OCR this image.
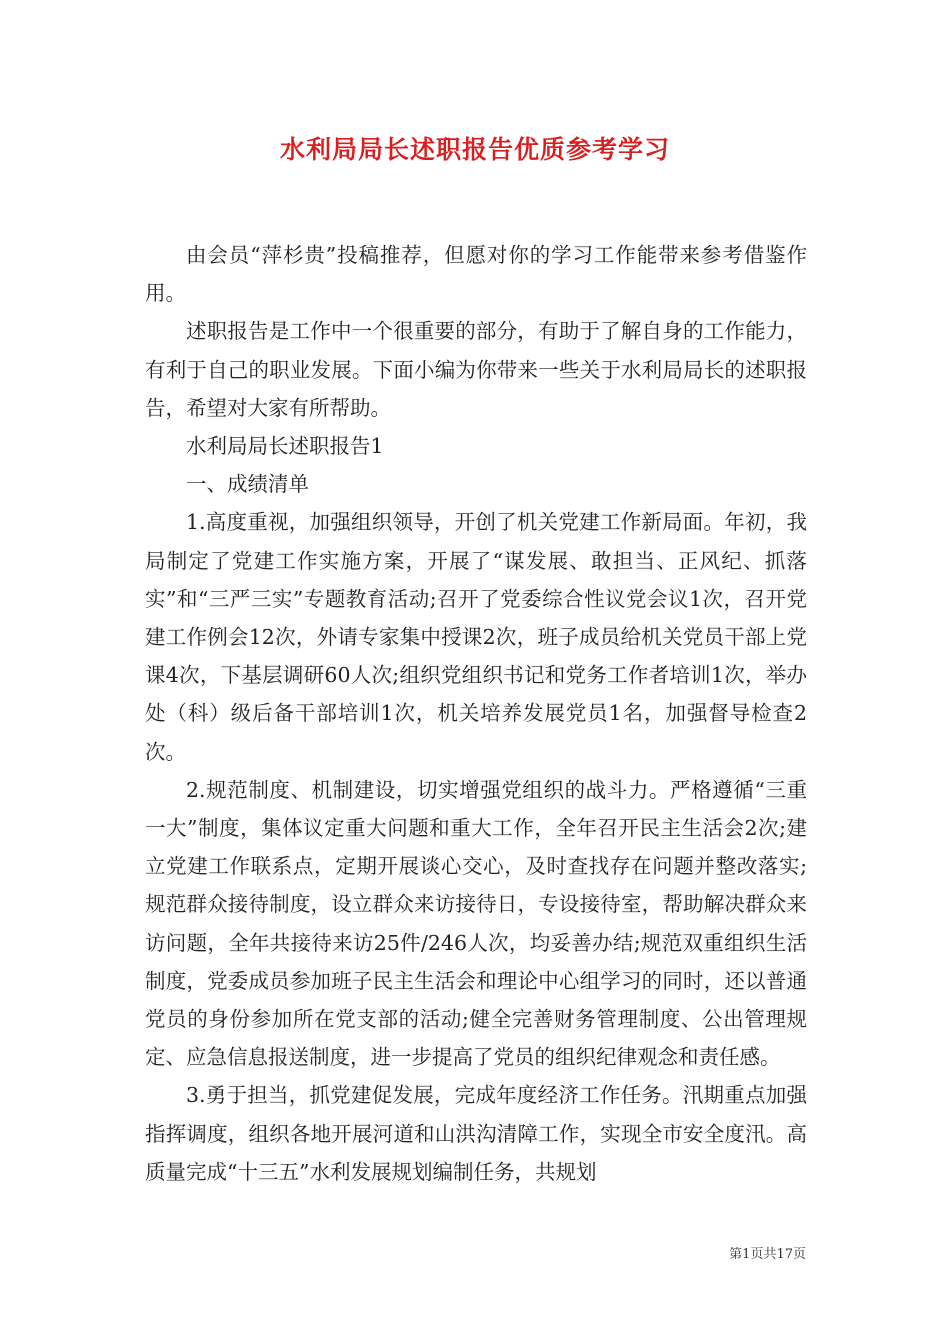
水利局局长述职报告优质参考学习

由会员“萍杉贵”投稿推荐，但愿对你的学习工作能带来参考借鉴作用。

述职报告是工作中一个很重要的部分，有助于了解自身的工作能力，有利于自己的职业发展。下面小编为你带来一些关于水利局局长的述职报告，希望对大家有所帮助。

水利局局长述职报告1

一、成绩清单

1.高度重视，加强组织领导，开创了机关党建工作新局面。年初，我局制定了党建工作实施方案，开展了“谋发展、敢担当、正风纪、抓落实”和“三严三实”专题教育活动;召开了党委综合性议党会议1次，召开党建工作例会12次，外请专家集中授课2次，班子成员给机关党员干部上党课4次，下基层调研60人次;组织党组织书记和党务工作者培训1次，举办处（科）级后备干部培训1次，机关培养发展党员1名，加强督导检查2次。

2.规范制度、机制建设，切实增强党组织的战斗力。严格遵循“三重一大”制度，集体议定重大问题和重大工作，全年召开民主生活会2次;建立党建工作联系点，定期开展谈心交心，及时查找存在问题并整改落实;规范群众接待制度，设立群众来访接待日，专设接待室，帮助解决群众来访问题，全年共接待来访25件/246人次，均妥善办结;规范双重组织生活制度，党委成员参加班子民主生活会和理论中心组学习的同时，还以普通党员的身份参加所在党支部的活动;健全完善财务管理制度、公出管理规定、应急信息报送制度，进一步提高了党员的组织纪律观念和责任感。

3.勇于担当，抓党建促发展，完成年度经济工作任务。汛期重点加强指挥调度，组织各地开展河道和山洪沟清障工作，实现全市安全度汛。高质量完成“十三五”水利发展规划编制任务，共规划

第1页共17页
